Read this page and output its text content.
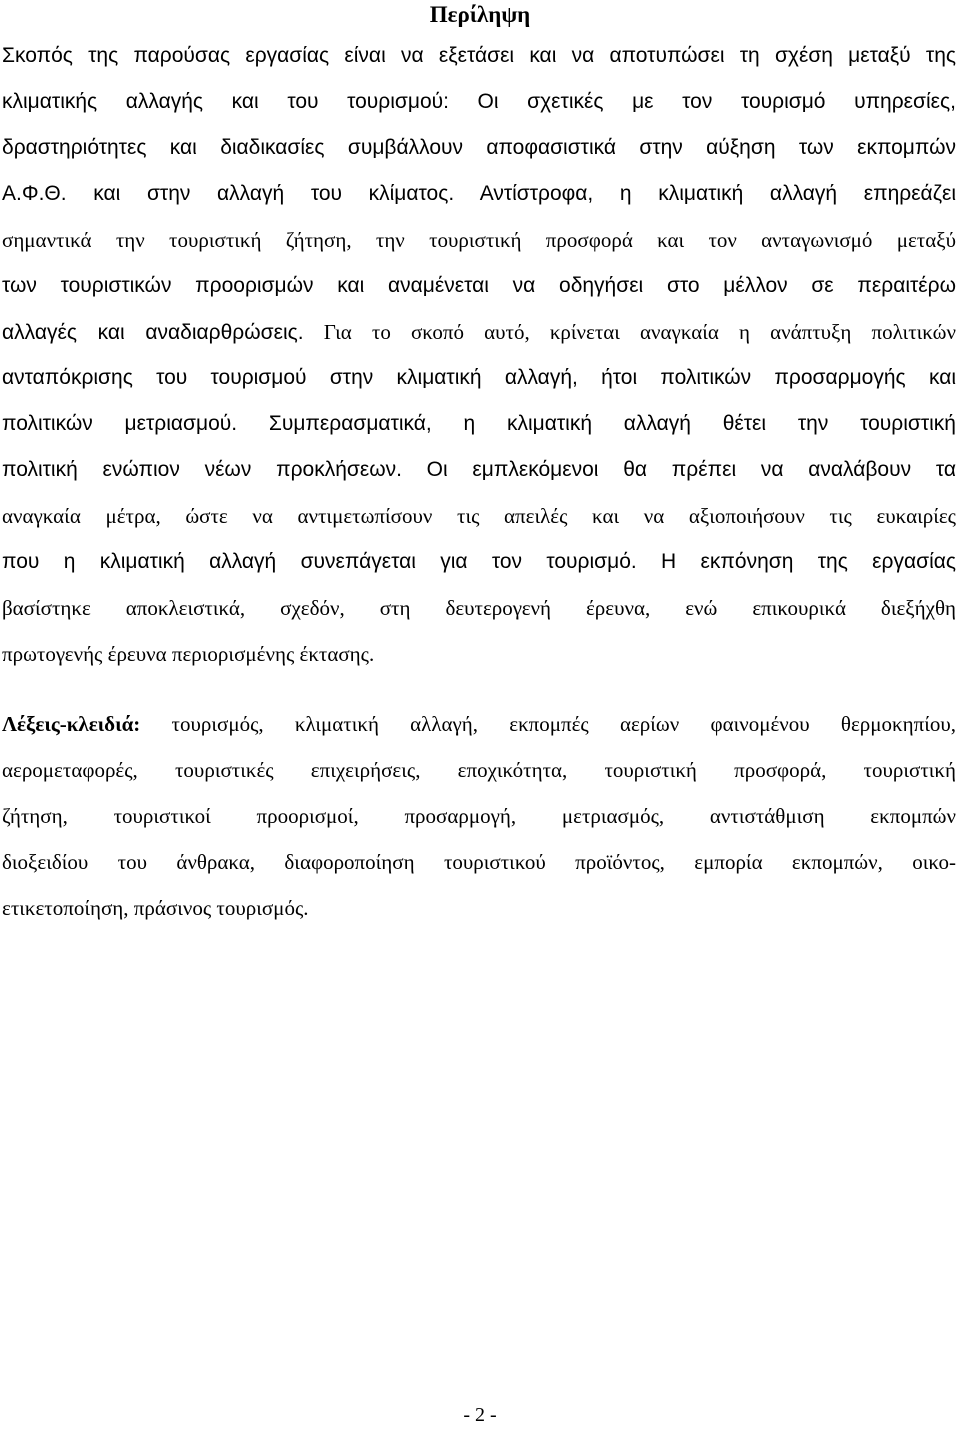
Περίληψη
Σκοπός της παρούσας εργασίας είναι να εξετάσει και να αποτυπώσει τη σχέση μεταξύ της
κλιματικής αλλαγής και του τουρισμού: Οι σχετικές με τον τουρισμό υπηρεσίες,
δραστηριότητες και διαδικασίες συμβάλλουν αποφασιστικά στην αύξηση των εκπομπών
Α.Φ.Θ. και στην αλλαγή του κλίματος. Αντίστροφα, η κλιματική αλλαγή επηρεάζει
σημαντικά την τουριστική ζήτηση, την τουριστική προσφορά και τον ανταγωνισμό μεταξύ
των τουριστικών προορισμών και αναμένεται να οδηγήσει στο μέλλον σε περαιτέρω
αλλαγές και αναδιαρθρώσεις. Για το σκοπό αυτό, κρίνεται αναγκαία η ανάπτυξη πολιτικών
ανταπόκρισης του τουρισμού στην κλιματική αλλαγή, ήτοι πολιτικών προσαρμογής και
πολιτικών μετριασμού. Συμπερασματικά, η κλιματική αλλαγή θέτει την τουριστική
πολιτική ενώπιον νέων προκλήσεων. Οι εμπλεκόμενοι θα πρέπει να αναλάβουν τα
αναγκαία μέτρα, ώστε να αντιμετωπίσουν τις απειλές και να αξιοποιήσουν τις ευκαιρίες
που η κλιματική αλλαγή συνεπάγεται για τον τουρισμό. Η εκπόνηση της εργασίας
βασίστηκε αποκλειστικά, σχεδόν, στη δευτερογενή έρευνα, ενώ επικουρικά διεξήχθη
πρωτογενής έρευνα περιορισμένης έκτασης.
Λέξεις-κλειδιά: τουρισμός, κλιματική αλλαγή, εκπομπές αερίων φαινομένου θερμοκηπίου,
αερομεταφορές, τουριστικές επιχειρήσεις, εποχικότητα, τουριστική προσφορά, τουριστική
ζήτηση, τουριστικοί προορισμοί, προσαρμογή, μετριασμός, αντιστάθμιση εκπομπών
διοξειδίου του άνθρακα, διαφοροποίηση τουριστικού προϊόντος, εμπορία εκπομπών, οικο-
ετικετοποίηση, πράσινος τουρισμός.
- 2 -
